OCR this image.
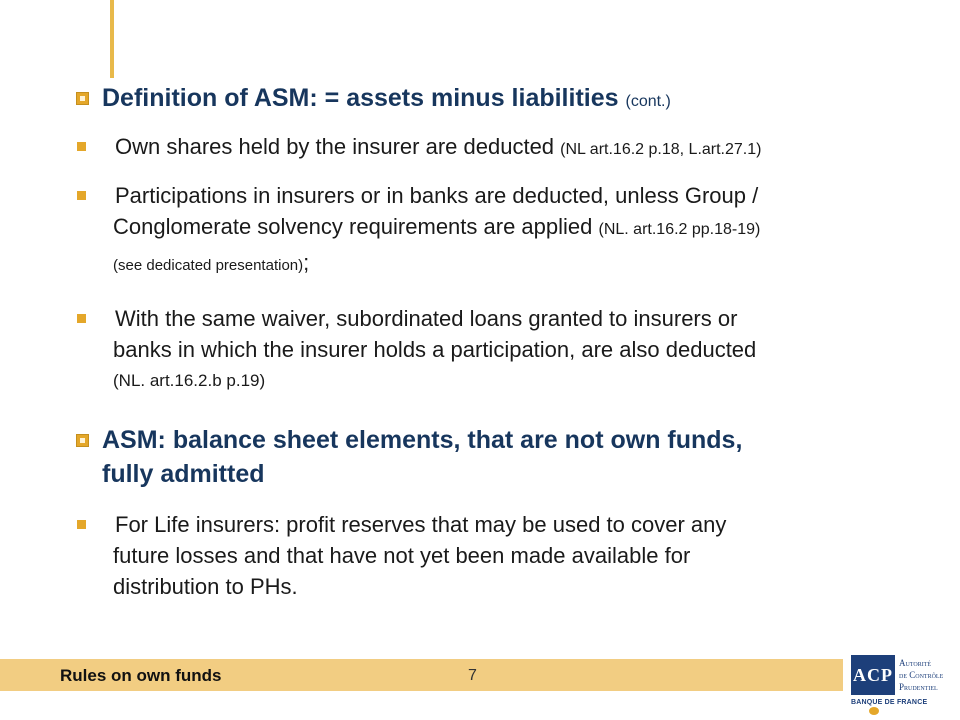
Definition of ASM: = assets minus liabilities (cont.)
Own shares held by the insurer are deducted (NL art.16.2 p.18, L.art.27.1)
Participations in insurers or in banks are deducted, unless Group /
Conglomerate solvency requirements are applied (NL. art.16.2 pp.18-19)
(see dedicated presentation);
With the same waiver, subordinated loans granted to insurers or
banks in which the insurer holds a participation, are also deducted
(NL. art.16.2.b p.19)
ASM: balance sheet elements, that are not own funds,
fully admitted
For Life insurers: profit reserves that may be used to cover any
future losses and that have not yet been made available for
distribution to PHs.
Rules on own funds	7	ACP
Autorité
de Contrôle
Prudentiel
BANQUE DE FRANCE
